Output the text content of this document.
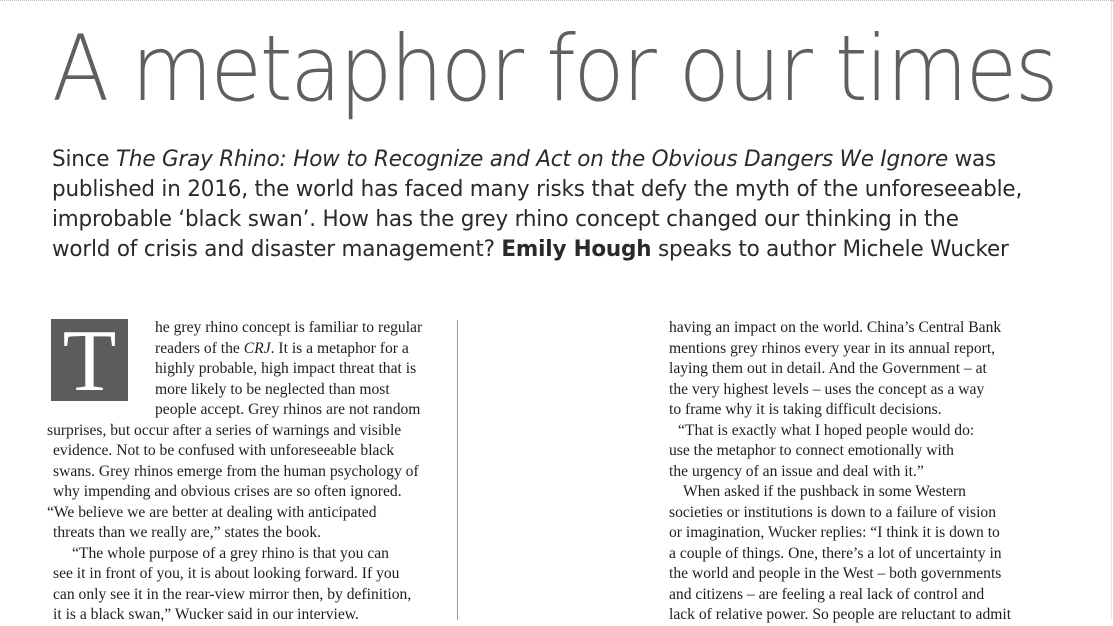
A metaphor for our times
Since The Gray Rhino: How to Recognize and Act on the Obvious Dangers We Ignore was
published in 2016, the world has faced many risks that defy the myth of the unforeseeable,
improbable ‘black swan’. How has the grey rhino concept changed our thinking in the
world of crisis and disaster management? Emily Hough speaks to author Michele Wucker
T	he grey rhino concept is familiar to regular
readers of the CRJ. It is a metaphor for a
highly probable, high impact threat that is
more likely to be neglected than most
people accept. Grey rhinos are not random
surprises, but occur after a series of warnings and visible
evidence. Not to be confused with unforeseeable black
swans. Grey rhinos emerge from the human psychology of
why impending and obvious crises are so often ignored.
“We believe we are better at dealing with anticipated
threats than we really are,” states the book.
“The whole purpose of a grey rhino is that you can
see it in front of you, it is about looking forward. If you
can only see it in the rear-view mirror then, by definition,
it is a black swan,” Wucker said in our interview.
having an impact on the world. China’s Central Bank
mentions grey rhinos every year in its annual report,
laying them out in detail. And the Government – at
the very highest levels – uses the concept as a way
to frame why it is taking difficult decisions.
“That is exactly what I hoped people would do:
use the metaphor to connect emotionally with
the urgency of an issue and deal with it.”
When asked if the pushback in some Western
societies or institutions is down to a failure of vision
or imagination, Wucker replies: “I think it is down to
a couple of things. One, there’s a lot of uncertainty in
the world and people in the West – both governments
and citizens – are feeling a real lack of control and
lack of relative power. So people are reluctant to admit
